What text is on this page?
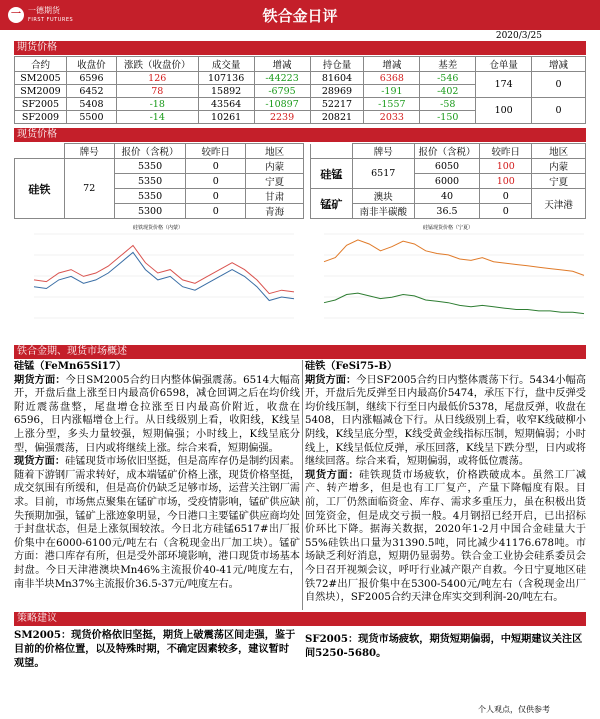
一 一德期货
FIRST FUTURES	铁合金日评
2020/3/25
期货价格
合约	收盘价	涨跌（收盘价）	成交量	增减	持仓量	增减	基差	仓单量	增减
SM2005	6596	126	107136	-44223	81604	6368	-546	174	0
SM2009	6452	78	15892	-6795	28969	-191	-402		
SF2005	5408	-18	43564	-10897	52217	-1557	-58	100	0
SF2009	5500	-14	10261	2239	20821	2033	-150		
现货价格
	牌号	报价（含税）	较昨日	地区
硅铁	72	5350	0	内蒙
		5350	0	宁夏
		5350	0	甘肃
		5300	0	青海
	牌号	报价（含税）	较昨日	地区
硅锰	6517	6050	100	内蒙
		6000	100	宁夏
锰矿	澳块	40	0	天津港
	南非半碳酸	36.5	0	
硅铁现货价格（内蒙）	硅锰现货价格（宁夏）
铁合金期、现货市场概述
硅锰（FeMn65Si17）
期货方面：今日SM2005合约日内整体偏强震荡。6514大幅高开，开盘后盘上涨至日内最高价6598，减仓回调之后在均价线附近震荡盘整，尾盘增仓拉涨至日内最高价附近，收盘在6596，日内涨幅增仓上行。从日线级别上看，收阳线，K线呈上涨分型，多头力量较强，短期偏强；小时线上，K线呈底分型，偏强震荡，日内或将继续上涨。综合来看，短期偏强。
现货方面：硅锰现货市场依旧坚挺，但是高库存仍是制约因素。随着下游钢厂需求转好，成本端锰矿价格上涨，现货价格坚挺，成交氛围有所缓和，但是高价仍缺乏足够市场，运营关注钢厂需求。目前，市场焦点聚集在锰矿市场，受疫情影响，锰矿供应缺失预期加强，锰矿上涨迹象明显，今日港口主要锰矿供应商均处于封盘状态，但是上涨氛围较浓。今日北方硅锰6517#出厂报价集中在6000-6100元/吨左右（含税现金出厂加工块）。锰矿方面：港口库存有所，但是受外部环境影响，港口现货市场基本封盘。今日天津港澳块Mn46%主流报价40-41元/吨度左右，南非半块Mn37%主流报价36.5-37元/吨度左右。
硅铁（FeSi75-B）
期货方面：今日SF2005合约日内整体震荡下行。5434小幅高开，开盘后先反弹至日内最高价5474，承压下行，盘中反弹受均价线压制，继续下行至日内最低价5378，尾盘反弹，收盘在5408，日内涨幅减仓下行。从日线级别上看，收窄K线破柳小阴线，K线呈底分型，K线受黄金线指标压制，短期偏弱；小时线上，K线呈低位反弹，承压回落，K线呈下跌分型，日内或将继续回落。综合来看，短期偏弱，或将低位震荡。
现货方面：硅铁现货市场疲软，价格跌破成本。虽然工厂减产、转产增多，但是也有工厂复产，产量下降幅度有限。目前，工厂仍然面临资金、库存、需求多重压力，虽在积极出货回笼资金，但是成交亏损一般。4月钢招已经开启，已出招标价环比下降。据海关数据，2020年1-2月中国合金硅量大于55%硅铁出口量为31390.5吨，同比减少41176.678吨。市场缺乏利好消息，短期仍显弱势。铁合金工业协会硅系委员会今日召开视频会议，呼吁行业减产限产自救。今日宁夏地区硅铁72#出厂报价集中在5300-5400元/吨左右（含税现金出厂自然块），SF2005合约天津仓库实交到利润-20/吨左右。
策略建议
SM2005：现货价格依旧坚挺，期货上破震荡区间走强，鉴于目前的价格位置，以及特殊时期，不确定因素较多，建议暂时观望。
SF2005：现货市场疲软，期货短期偏弱，中短期建议关注区间5250-5680。
个人观点，仅供参考
